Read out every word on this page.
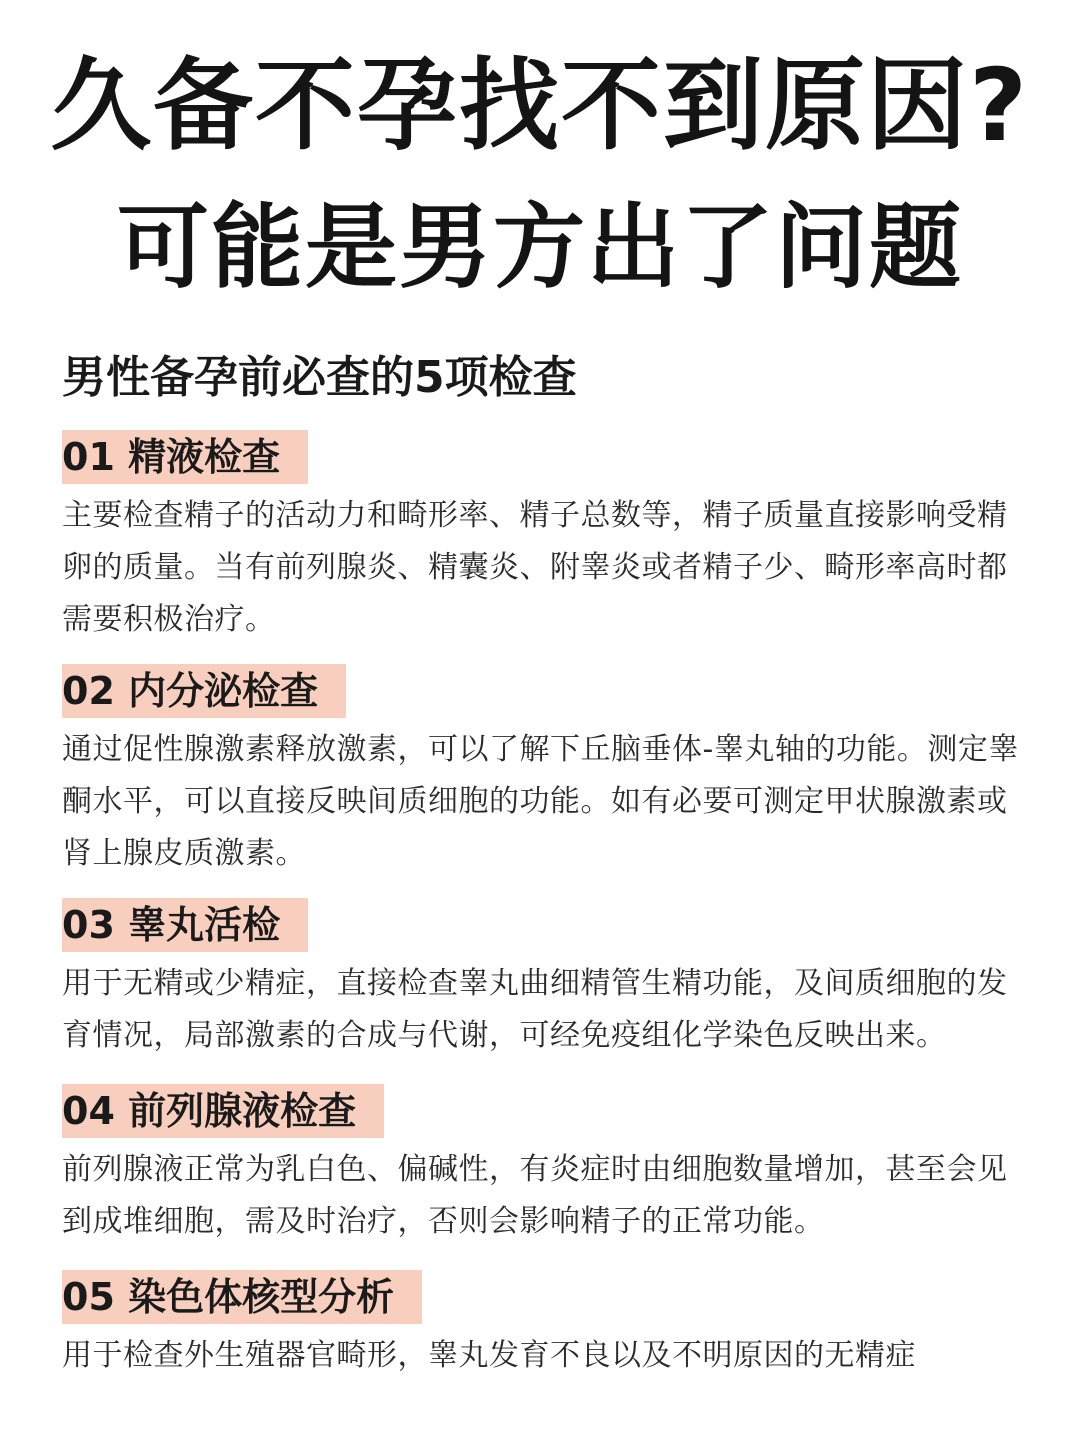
久备不孕找不到原因?
可能是男方出了问题
男性备孕前必查的5项检查
01 精液检查
主要检查精子的活动力和畸形率、精子总数等，精子质量直接影响受精卵的质量。当有前列腺炎、精囊炎、附睾炎或者精子少、畸形率高时都需要积极治疗。
02 内分泌检查
通过促性腺激素释放激素，可以了解下丘脑垂体-睾丸轴的功能。测定睾酮水平，可以直接反映间质细胞的功能。如有必要可测定甲状腺激素或肾上腺皮质激素。
03 睾丸活检
用于无精或少精症，直接检查睾丸曲细精管生精功能，及间质细胞的发育情况，局部激素的合成与代谢，可经免疫组化学染色反映出来。
04 前列腺液检查
前列腺液正常为乳白色、偏碱性，有炎症时由细胞数量增加，甚至会见到成堆细胞，需及时治疗，否则会影响精子的正常功能。
05 染色体核型分析
用于检查外生殖器官畸形，睾丸发育不良以及不明原因的无精症
